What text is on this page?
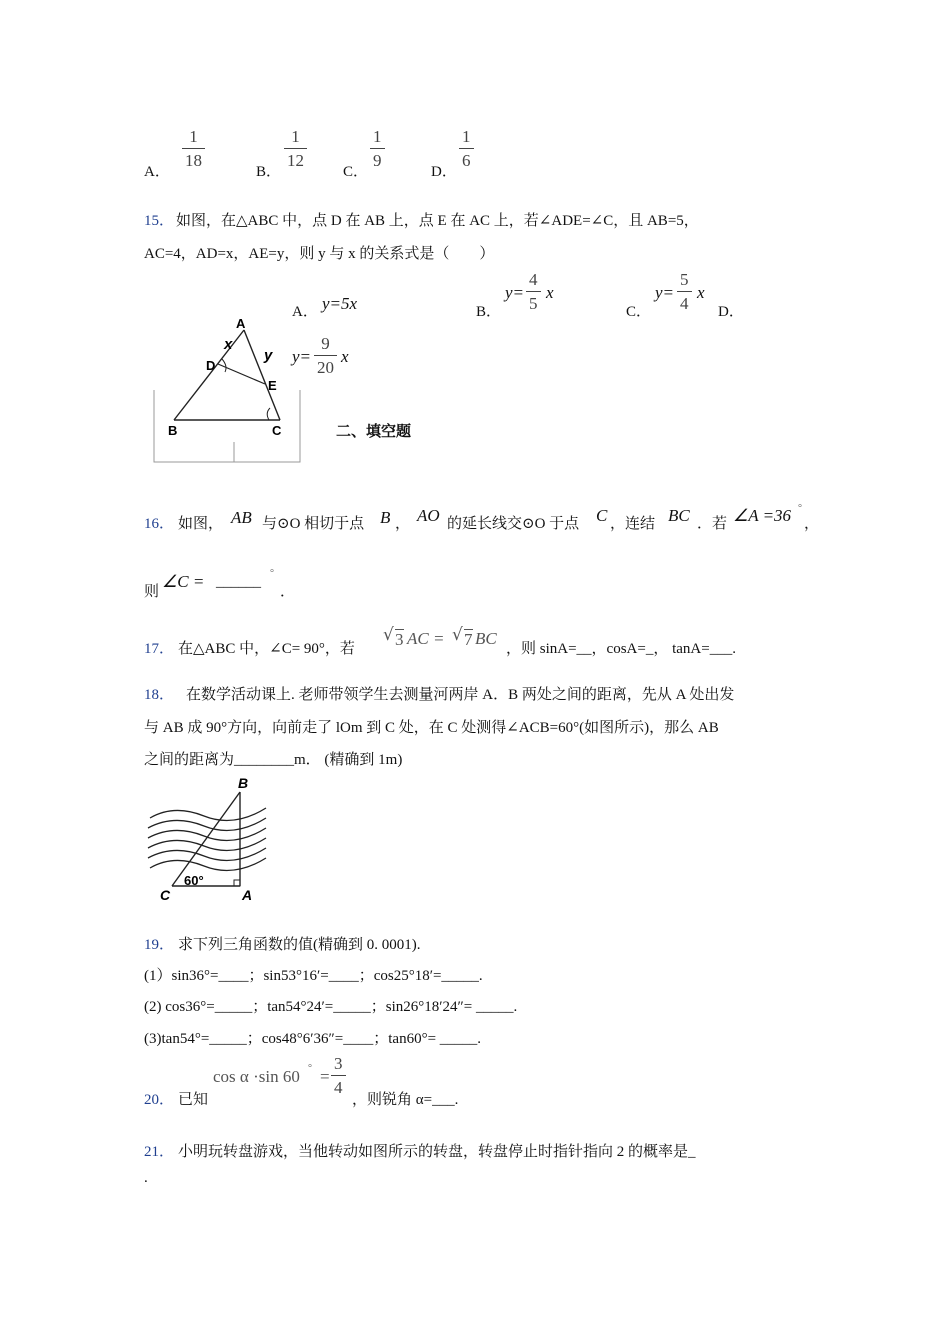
A．
$\frac{1}{18}$
B．
$\frac{1}{12}$
C．
$\frac{1}{9}$
D．
$\frac{1}{6}$
15． 如图，在△ABC 中，点 D 在 AB 上，点 E 在 AC 上，若∠ADE=∠C，且 AB=5，
AC=4，AD=x，AE=y，则 y 与 x 的关系式是（　　）
A． y=5x	B．
$y= \frac{4}{5}$ x
C．
$y= \frac{5}{4}$ x
D．
$y= \frac{9}{20}$ x
A
B	C
D
E
x
y
二、填空题
16． 如图， AB 与⊙O 相切于点 B ， AO 的延长线交⊙O 于点 C ，连结 BC ．若 ∠A =36 °
，
则
∠C = ______
°
．
17． 在△ABC 中，∠C= 90°，若
√ 3 AC = √ 7 BC
，则 sinA=__，cosA=_， tanA=___.
18． 在数学活动课上. 老师带领学生去测量河两岸 A．B 两处之间的距离，先从 A 处出发
与 AB 成 90°方向，向前走了 lOm 到 C 处，在 C 处测得∠ACB=60°(如图所示)，那么 AB
之间的距离为________m． (精确到 1m)
B
C	A
60°
19． 求下列三角函数的值(精确到 0. 0001).
(1）sin36°=____；sin53°16′=____；cos25°18′=_____.
(2) cos36°=_____；tan54°24′=_____；sin26°18′24″= _____.
(3)tan54°=_____；cos48°6′36″=____；tan60°= _____.
20． 已知
cos α ·sin 60 ° = $\frac{3}{4}$
，则锐角 α=___.
21． 小明玩转盘游戏，当他转动如图所示的转盘，转盘停止时指针指向 2 的概率是_
.
